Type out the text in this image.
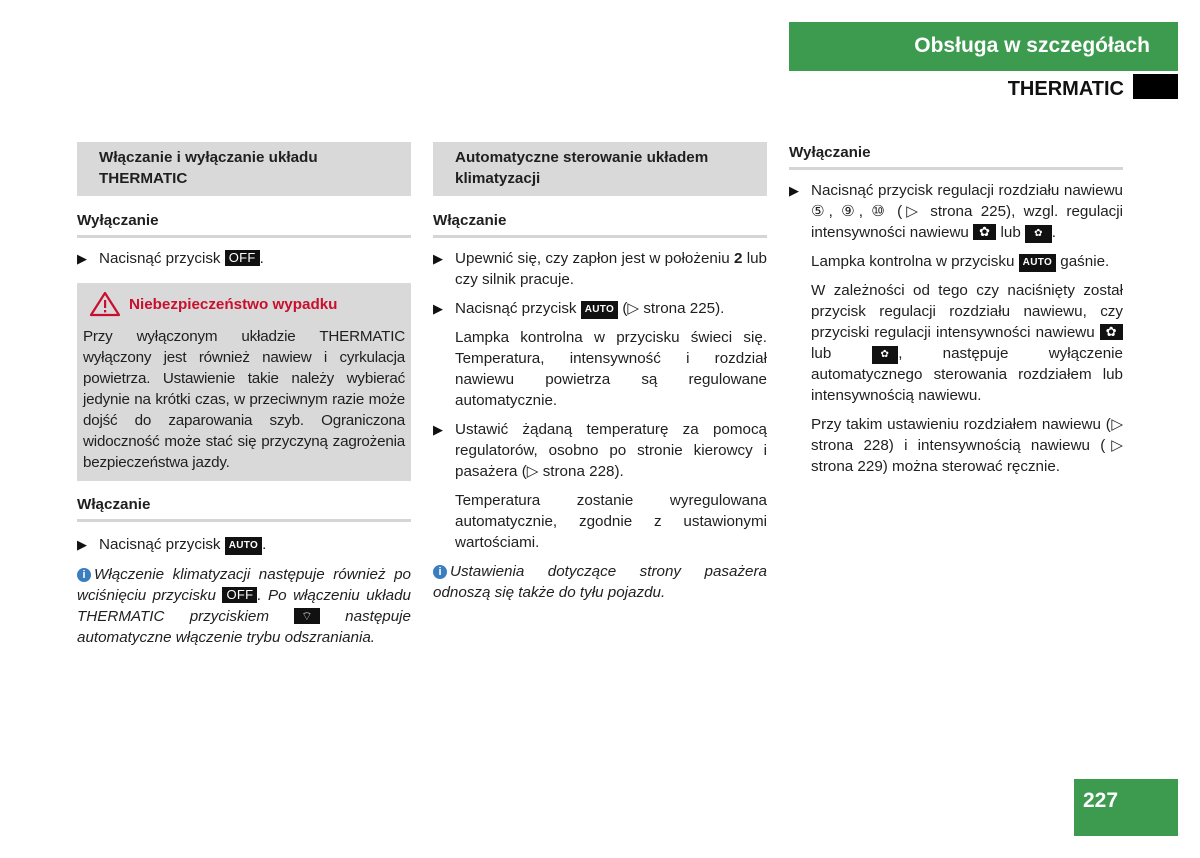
Obsługa w szczegółach
THERMATIC
Włączanie i wyłączanie układu THERMATIC
Wyłączanie
▶ Nacisnąć przycisk OFF .
Niebezpieczeństwo wypadku
Przy wyłączonym układzie THERMATIC wyłączony jest również nawiew i cyrkulacja powietrza. Ustawienie takie należy wybierać jedynie na krótki czas, w przeciwnym razie może dojść do zaparowania szyb. Ograniczona widoczność może stać się przyczyną zagrożenia bezpieczeństwa jazdy.
Włączanie
▶ Nacisnąć przycisk AUTO .
i Włączenie klimatyzacji następuje również po wciśnięciu przycisku OFF . Po włączeniu układu THERMATIC przyciskiem	⌔ następuje automatyczne włączenie trybu odszraniania.
Automatyczne sterowanie układem klimatyzacji
Włączanie
▶ Upewnić się, czy zapłon jest w położeniu 2 lub czy silnik pracuje.
▶ Nacisnąć przycisk AUTO (▷ strona 225).
Lampka kontrolna w przycisku świeci się. Temperatura, intensywność i rozdział nawiewu powietrza są regulowane automatycznie.
▶ Ustawić żądaną temperaturę za pomocą regulatorów, osobno po stronie kierowcy i pasażera (▷ strona 228).
Temperatura zostanie wyregulowana automatycznie, zgodnie z ustawionymi wartościami.
i Ustawienia dotyczące strony pasażera odnoszą się także do tyłu pojazdu.
Wyłączanie
▶ Nacisnąć przycisk regulacji rozdziału nawiewu ⑤, ⑨, ⑩ (▷ strona 225), wzgl. regulacji intensywności nawiewu ✿ lub ✿ .
Lampka kontrolna w przycisku AUTO gaśnie.
W zależności od tego czy naciśnięty został przycisk regulacji rozdziału nawiewu, czy przyciski regulacji intensywności nawiewu ✿ lub	✿ , następuje wyłączenie automatycznego sterowania rozdziałem lub intensywnością nawiewu.
Przy takim ustawieniu rozdziałem nawiewu (▷ strona 228) i intensywnością nawiewu (▷ strona 229) można sterować ręcznie.
227
